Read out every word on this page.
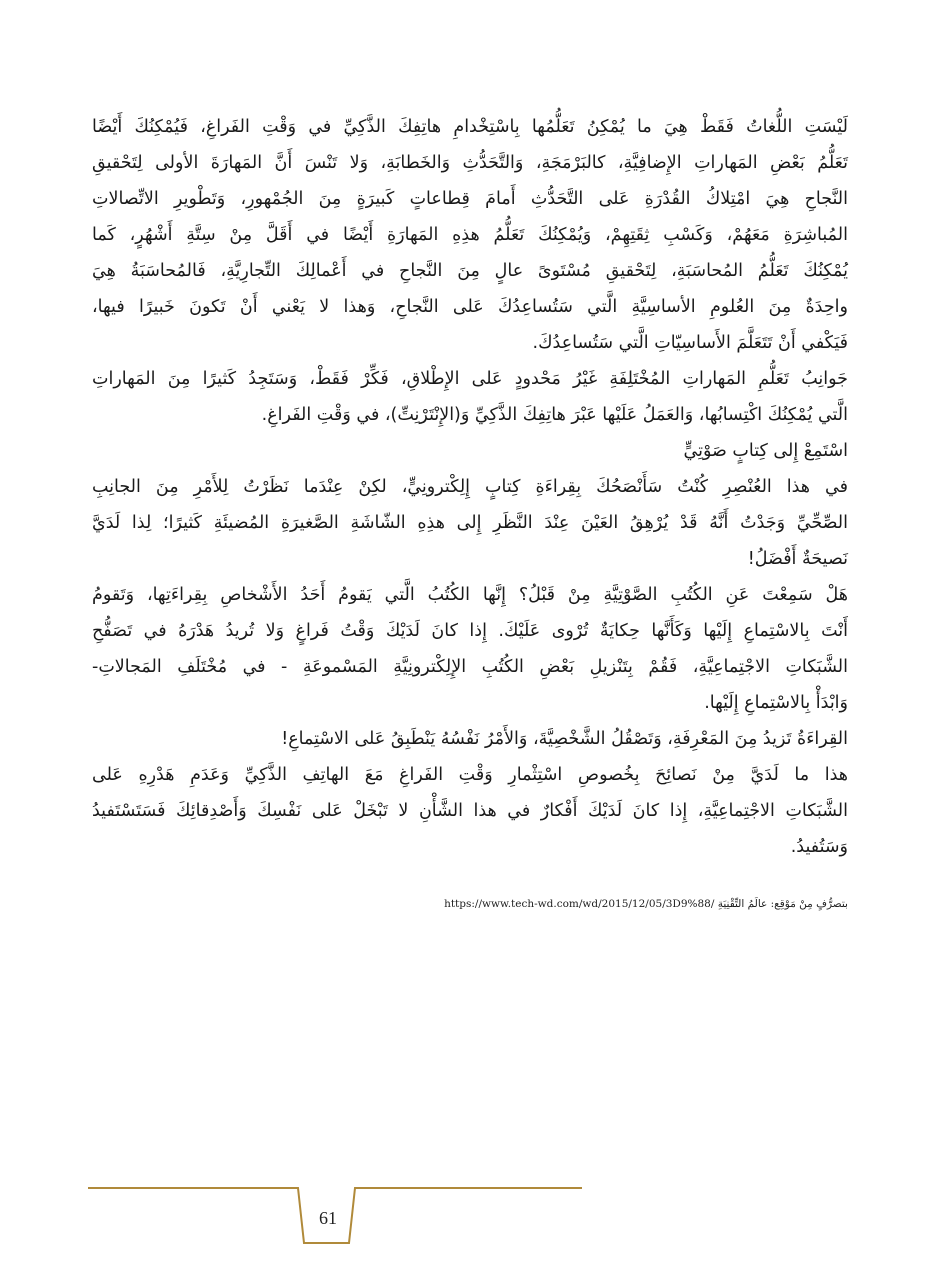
لَيْسَتِ اللُّغاتُ فَقَطْ هِيَ ما يُمْكِنُ تَعَلُّمُها بِاسْتِخْدامِ هاتِفِكَ الذَّكِيِّ في وَقْتِ الفَراغِ، فَيُمْكِنُكَ أَيْضًا
تَعَلُّمُ بَعْضِ المَهاراتِ الإِضافِيَّةِ، كالبَرْمَجَةِ، وَالتَّحَدُّثِ وَالخَطابَةِ، وَلا تَنْسَ أَنَّ المَهارَةَ الأولى لِتَحْقيقِ
النَّجاحِ هِيَ امْتِلاكُ القُدْرَةِ عَلى التَّحَدُّثِ أَمامَ قِطاعاتٍ كَبيرَةٍ مِنَ الجُمْهورِ، وَتَطْويرِ الاتِّصالاتِ
المُباشِرَةِ مَعَهُمْ، وَكَسْبِ ثِقَتِهِمْ، وَيُمْكِنُكَ تَعَلُّمُ هذِهِ المَهارَةِ أَيْضًا في أَقَلَّ مِنْ سِتَّةِ أَشْهُرٍ، كَما
يُمْكِنُكَ تَعَلُّمُ المُحاسَبَةِ، لِتَحْقيقِ مُسْتَوىً عالٍ مِنَ النَّجاحِ في أَعْمالِكَ التِّجارِيَّةِ، فَالمُحاسَبَةُ هِيَ
واحِدَةٌ مِنَ العُلومِ الأساسِيَّةِ الَّتي سَتُساعِدُكَ عَلى النَّجاحِ، وَهذا لا يَعْني أَنْ تَكونَ خَبيرًا فيها،
فَيَكْفي أَنْ تَتَعَلَّمَ الأَساسِيّاتِ الَّتي سَتُساعِدُكَ.
جَوانِبُ تَعَلُّمِ المَهاراتِ المُخْتَلِفَةِ غَيْرُ مَحْدودٍ عَلى الإِطْلاقِ، فَكِّرْ فَقَطْ، وَسَتَجِدُ كَثيرًا مِنَ المَهاراتِ
الَّتي يُمْكِنُكَ اكْتِسابُها، وَالعَمَلُ عَلَيْها عَبْرَ هاتِفِكَ الذَّكِيِّ وَ(الإِنْتَرْنِتِّ)، في وَقْتِ الفَراغِ.
اسْتَمِعْ إِلى كِتابٍ صَوْتِيٍّ
في هذا العُنْصِرِ كُنْتُ سَأَنْصَحُكَ بِقِراءَةِ كِتابٍ إِلِكْترونِيٍّ، لكِنْ عِنْدَما نَظَرْتُ لِلأَمْرِ مِنَ الجانِبِ
الصِّحِّيِّ وَجَدْتُ أَنَّهُ قَدْ يُرْهِقُ العَيْنَ عِنْدَ النَّظَرِ إِلى هذِهِ الشّاشَةِ الصَّغيرَةِ المُضيئَةِ كَثيرًا؛ لِذا لَدَيَّ
نَصيحَةٌ أَفْضَلُ!
هَلْ سَمِعْتَ عَنِ الكُتُبِ الصَّوْتِيَّةِ مِنْ قَبْلُ؟ إِنَّها الكُتُبُ الَّتي يَقومُ أَحَدُ الأَشْخاصِ بِقِراءَتِها، وَتَقومُ
أَنْتَ بِالاسْتِماعِ إِلَيْها وَكَأَنَّها حِكايَةٌ تُرْوى عَلَيْكَ. إِذا كانَ لَدَيْكَ وَقْتُ فَراغٍ وَلا تُريدُ هَدْرَهُ في تَصَفُّحِ
الشَّبَكاتِ الاجْتِماعِيَّةِ، فَقُمْ بِتَنْزيلِ بَعْضِ الكُتُبِ الإِلِكْترونِيَّةِ المَسْموعَةِ - في مُخْتَلَفِ المَجالاتِ-
وَابْدَأْ بِالاسْتِماعِ إِلَيْها.
القِراءَةُ تَزيدُ مِنَ المَعْرِفَةِ، وَتَصْقُلُ الشَّخْصِيَّةَ، وَالأَمْرُ نَفْسُهُ يَنْطَبِقُ عَلى الاسْتِماعِ!
هذا ما لَدَيَّ مِنْ نَصائِحَ بِخُصوصِ اسْتِثْمارِ وَقْتِ الفَراغِ مَعَ الهاتِفِ الذَّكِيِّ وَعَدَمِ هَدْرِهِ عَلى
الشَّبَكاتِ الاجْتِماعِيَّةِ، إِذا كانَ لَدَيْكَ أَفْكارٌ في هذا الشَّأْنِ لا تَبْخَلْ عَلى نَفْسِكَ وَأَصْدِقائِكَ فَسَتَسْتَفيدُ
وَسَتُفيدُ.
بتصرُّفٍ مِنْ مَوْقِع: عالَمُ التِّقْنِيَةِ https://www.tech-wd.com/wd/2015/12/05/3D9%88/
61
